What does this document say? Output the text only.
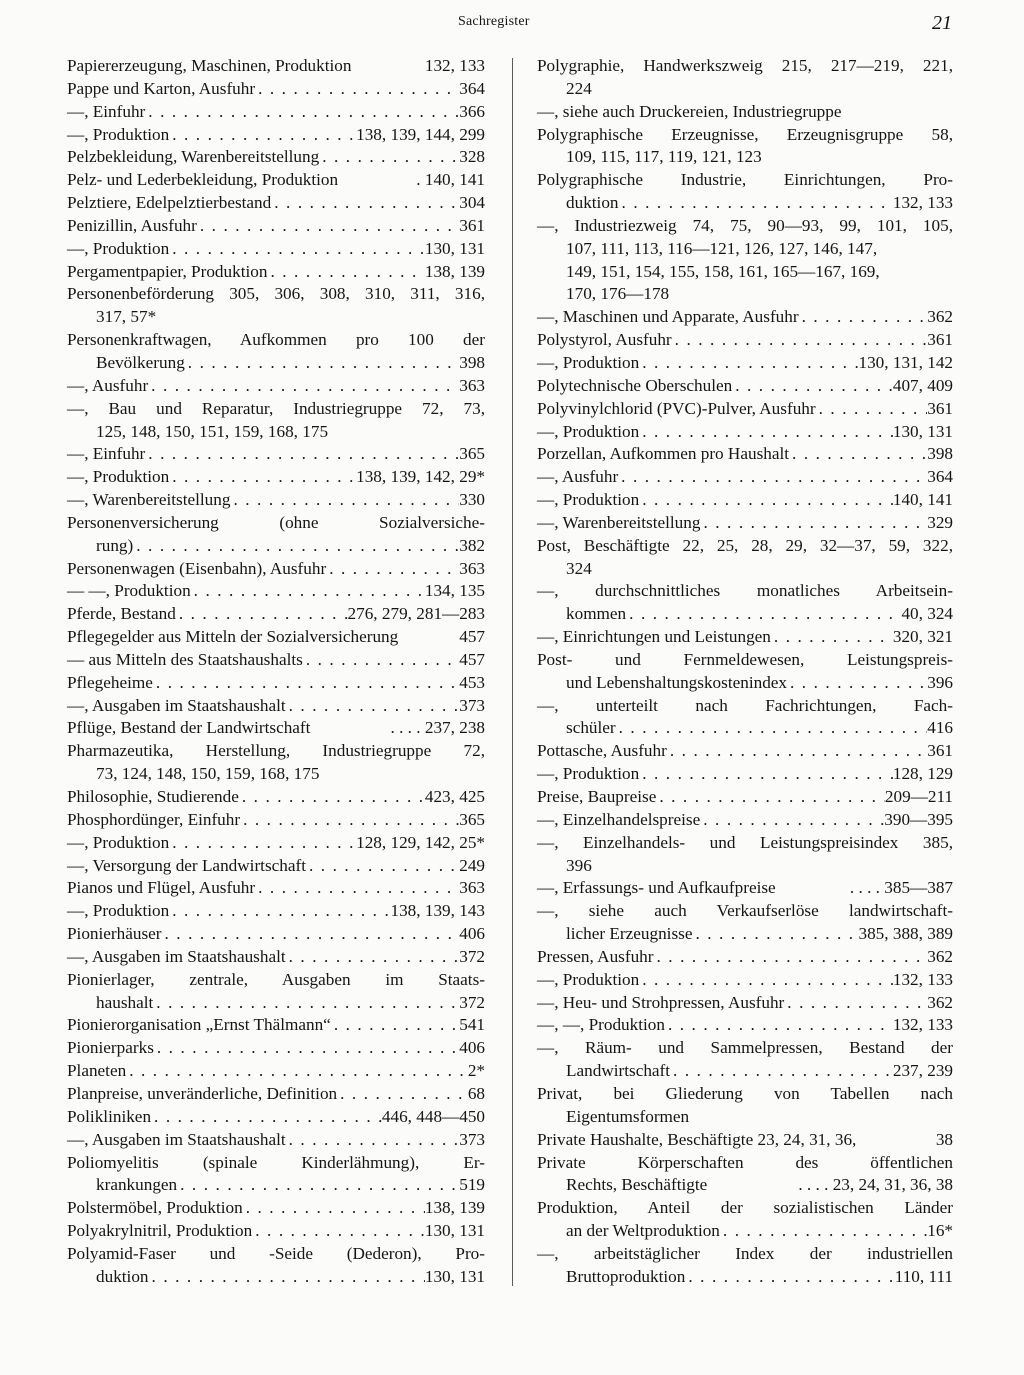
Sachregister	21
Papiererzeugung, Maschinen, Produktion	132, 133
Pappe und Karton, Ausfuhr . . .	364
—, Einfuhr . . .	366
—, Produktion . . .	138, 139, 144, 299
Pelzbekleidung, Warenbereitstellung . . .	328
Pelz- und Lederbekleidung, Produktion	. 140, 141
Pelztiere, Edelpelztierbestand . . .	304
Penizillin, Ausfuhr . . .	361
—, Produktion . . .	130, 131
Pergamentpapier, Produktion . . .	138, 139
Personenbeförderung 305, 306, 308, 310, 311, 316,
317, 57*
Personenkraftwagen, Aufkommen pro 100 der
Bevölkerung . . .	398
—, Ausfuhr . . .	363
—, Bau und Reparatur, Industriegruppe 72, 73,
125, 148, 150, 151, 159, 168, 175
—, Einfuhr . . .	365
—, Produktion . . .	138, 139, 142, 29*
—, Warenbereitstellung . . .	330
Personenversicherung (ohne Sozialversiche-
rung) . . .	382
Personenwagen (Eisenbahn), Ausfuhr . . .	363
— —, Produktion . . .	134, 135
Pferde, Bestand . . .	276, 279, 281—283
Pflegegelder aus Mitteln der Sozialversicherung	457
— aus Mitteln des Staatshaushalts . . .	457
Pflegeheime . . .	453
—, Ausgaben im Staatshaushalt . . .	373
Pflüge, Bestand der Landwirtschaft	. . . . 237, 238
Pharmazeutika, Herstellung, Industriegruppe 72,
73, 124, 148, 150, 159, 168, 175
Philosophie, Studierende . . .	423, 425
Phosphordünger, Einfuhr . . .	365
—, Produktion . . .	128, 129, 142, 25*
—, Versorgung der Landwirtschaft . . .	249
Pianos und Flügel, Ausfuhr . . .	363
—, Produktion . . .	138, 139, 143
Pionierhäuser . . .	406
—, Ausgaben im Staatshaushalt . . .	372
Pionierlager, zentrale, Ausgaben im Staats-
haushalt . . .	372
Pionierorganisation „Ernst Thälmann“ . . .	541
Pionierparks . . .	406
Planeten . . .	2*
Planpreise, unveränderliche, Definition . . .	68
Polikliniken . . .	446, 448—450
—, Ausgaben im Staatshaushalt . . .	373
Poliomyelitis (spinale Kinderlähmung), Er-
krankungen . . .	519
Polstermöbel, Produktion . . .	138, 139
Polyakrylnitril, Produktion . . .	130, 131
Polyamid-Faser und -Seide (Dederon), Pro-
duktion . . .	130, 131
Polygraphie, Handwerkszweig 215, 217—219, 221,
224
—, siehe auch Druckereien, Industriegruppe
Polygraphische Erzeugnisse, Erzeugnisgruppe 58,
109, 115, 117, 119, 121, 123
Polygraphische Industrie, Einrichtungen, Pro-
duktion . . .	132, 133
—, Industriezweig 74, 75, 90—93, 99, 101, 105,
107, 111, 113, 116—121, 126, 127, 146, 147,
149, 151, 154, 155, 158, 161, 165—167, 169,
170, 176—178
—, Maschinen und Apparate, Ausfuhr . . .	362
Polystyrol, Ausfuhr . . .	361
—, Produktion . . .	130, 131, 142
Polytechnische Oberschulen . . .	407, 409
Polyvinylchlorid (PVC)-Pulver, Ausfuhr . . .	361
—, Produktion . . .	130, 131
Porzellan, Aufkommen pro Haushalt . . .	398
—, Ausfuhr . . .	364
—, Produktion . . .	140, 141
—, Warenbereitstellung . . .	329
Post, Beschäftigte 22, 25, 28, 29, 32—37, 59, 322,
324
—, durchschnittliches monatliches Arbeitsein-
kommen . . .	40, 324
—, Einrichtungen und Leistungen . . .	320, 321
Post- und Fernmeldewesen, Leistungspreis-
und Lebenshaltungskostenindex . . .	396
—, unterteilt nach Fachrichtungen, Fach-
schüler . . .	416
Pottasche, Ausfuhr . . .	361
—, Produktion . . .	128, 129
Preise, Baupreise . . .	209—211
—, Einzelhandelspreise . . .	390—395
—, Einzelhandels- und Leistungspreisindex 385,
396
—, Erfassungs- und Aufkaufpreise	. . . . 385—387
—, siehe auch Verkaufserlöse landwirtschaft-
licher Erzeugnisse . . .	385, 388, 389
Pressen, Ausfuhr . . .	362
—, Produktion . . .	132, 133
—, Heu- und Strohpressen, Ausfuhr . . .	362
—, —, Produktion . . .	132, 133
—, Räum- und Sammelpressen, Bestand der
Landwirtschaft . . .	237, 239
Privat, bei Gliederung von Tabellen nach
Eigentumsformen
Private Haushalte, Beschäftigte 23, 24, 31, 36,	38
Private Körperschaften des öffentlichen
Rechts, Beschäftigte	. . . . 23, 24, 31, 36, 38
Produktion, Anteil der sozialistischen Länder
an der Weltproduktion . . .	16*
—, arbeitstäglicher Index der industriellen
Bruttoproduktion . . .	110, 111
